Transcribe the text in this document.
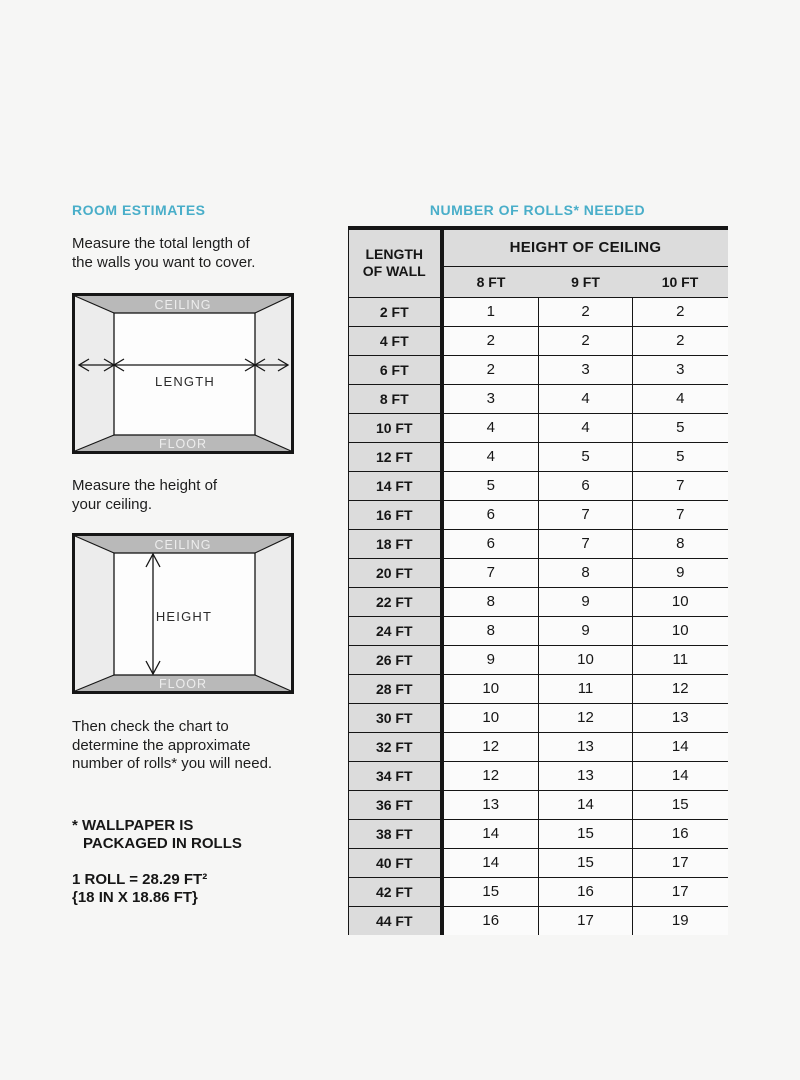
ROOM ESTIMATES
Measure the total length of
the walls you want to cover.
CEILING
FLOOR
LENGTH
Measure the height of
your ceiling.
CEILING
FLOOR
HEIGHT
Then check the chart to
determine the approximate
number of rolls* you will need.
* WALLPAPER IS
PACKAGED IN ROLLS
1 ROLL = 28.29 FT²
{18 IN X 18.86 FT}
NUMBER OF ROLLS* NEEDED
LENGTH
OF WALL	HEIGHT OF CEILING		
	8 FT	9 FT	10 FT
2 FT	1	2	2
4 FT	2	2	2
6 FT	2	3	3
8 FT	3	4	4
10 FT	4	4	5
12 FT	4	5	5
14 FT	5	6	7
16 FT	6	7	7
18 FT	6	7	8
20 FT	7	8	9
22 FT	8	9	10
24 FT	8	9	10
26 FT	9	10	11
28 FT	10	11	12
30 FT	10	12	13
32 FT	12	13	14
34 FT	12	13	14
36 FT	13	14	15
38 FT	14	15	16
40 FT	14	15	17
42 FT	15	16	17
44 FT	16	17	19
